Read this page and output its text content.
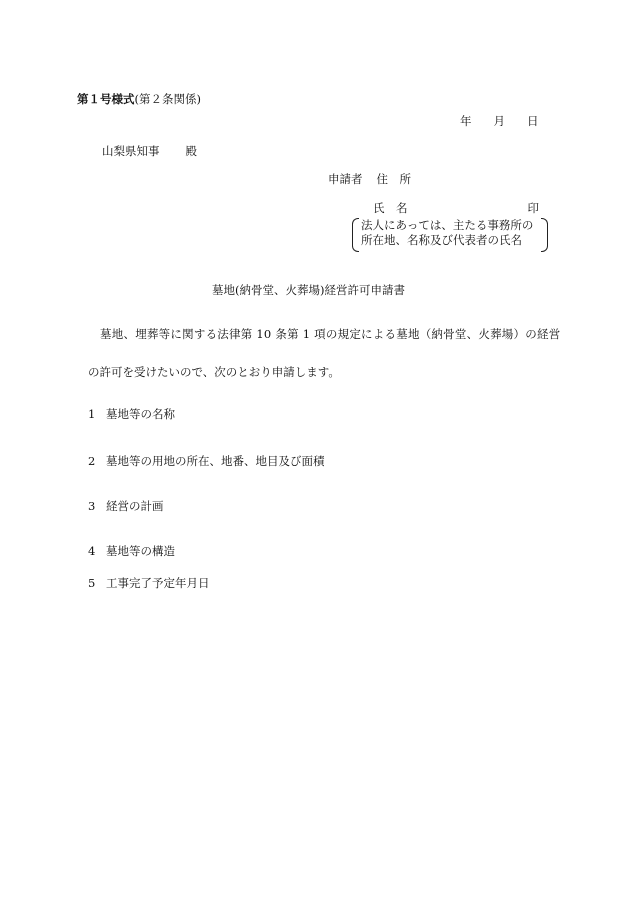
第１号様式(第２条関係)
年 月 日
山梨県知事 殿
申請者 住　所
氏　名	印
法人にあっては、主たる事務所の
所在地、名称及び代表者の氏名
墓地(納骨堂、火葬場)経営許可申請書
墓地、埋葬等に関する法律第 10 条第 1 項の規定による墓地（納骨堂、火葬場）の経営
の許可を受けたいので、次のとおり申請します。
1 墓地等の名称
2 墓地等の用地の所在、地番、地目及び面積
3 経営の計画
4 墓地等の構造
5 工事完了予定年月日
